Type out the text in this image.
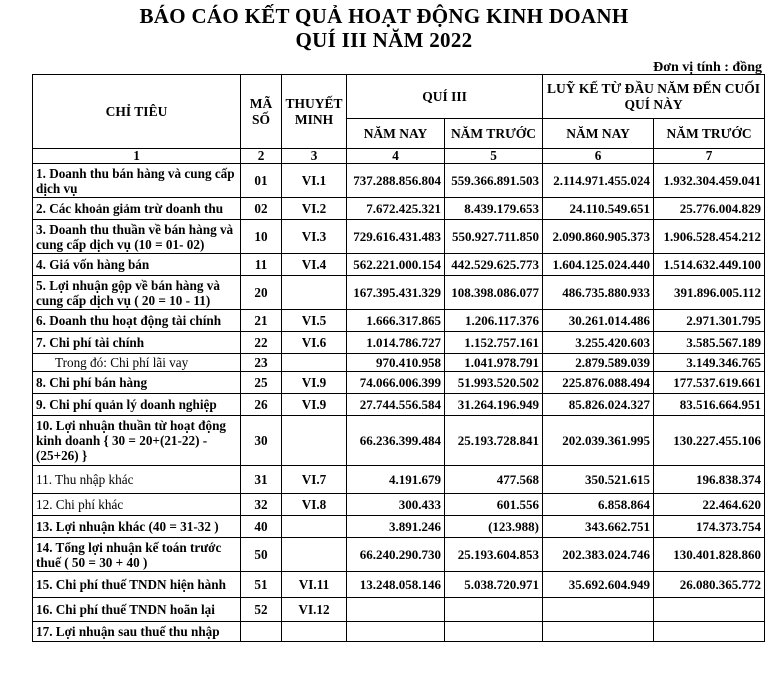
BÁO CÁO KẾT QUẢ HOẠT ĐỘNG KINH DOANH
QUÍ III NĂM 2022
Đơn vị tính : đồng
CHỈ TIÊU	MÃ SỐ	THUYẾT MINH	QUÍ III		LUỸ KẾ TỪ ĐẦU NĂM ĐẾN CUỐI QUÍ NÀY	
			NĂM NAY	NĂM TRƯỚC	NĂM NAY	NĂM TRƯỚC
1	2	3	4	5	6	7
1. Doanh thu bán hàng và cung cấp dịch vụ	01	VI.1	737.288.856.804	559.366.891.503	2.114.971.455.024	1.932.304.459.041
2. Các khoản giảm trừ doanh thu	02	VI.2	7.672.425.321	8.439.179.653	24.110.549.651	25.776.004.829
3. Doanh thu thuần về bán hàng và cung cấp dịch vụ (10 = 01- 02)	10	VI.3	729.616.431.483	550.927.711.850	2.090.860.905.373	1.906.528.454.212
4. Giá vốn hàng bán	11	VI.4	562.221.000.154	442.529.625.773	1.604.125.024.440	1.514.632.449.100
5. Lợi nhuận gộp về bán hàng và cung cấp dịch vụ ( 20 = 10 - 11)	20		167.395.431.329	108.398.086.077	486.735.880.933	391.896.005.112
6. Doanh thu hoạt động tài chính	21	VI.5	1.666.317.865	1.206.117.376	30.261.014.486	2.971.301.795
7. Chi phí tài chính	22	VI.6	1.014.786.727	1.152.757.161	3.255.420.603	3.585.567.189
Trong đó: Chi phí lãi vay	23		970.410.958	1.041.978.791	2.879.589.039	3.149.346.765
8. Chi phí bán hàng	25	VI.9	74.066.006.399	51.993.520.502	225.876.088.494	177.537.619.661
9. Chi phí quản lý doanh nghiệp	26	VI.9	27.744.556.584	31.264.196.949	85.826.024.327	83.516.664.951
10. Lợi nhuận thuần từ hoạt động kinh doanh { 30 = 20+(21-22) - (25+26) }	30		66.236.399.484	25.193.728.841	202.039.361.995	130.227.455.106
11. Thu nhập khác	31	VI.7	4.191.679	477.568	350.521.615	196.838.374
12. Chi phí khác	32	VI.8	300.433	601.556	6.858.864	22.464.620
13. Lợi nhuận khác (40 = 31-32 )	40		3.891.246	(123.988)	343.662.751	174.373.754
14. Tổng lợi nhuận kế toán trước thuế ( 50 = 30 + 40 )	50		66.240.290.730	25.193.604.853	202.383.024.746	130.401.828.860
15. Chi phí thuế TNDN hiện hành	51	VI.11	13.248.058.146	5.038.720.971	35.692.604.949	26.080.365.772
16. Chi phí thuế TNDN hoãn lại	52	VI.12				
17. Lợi nhuận sau thuế thu nhập						
